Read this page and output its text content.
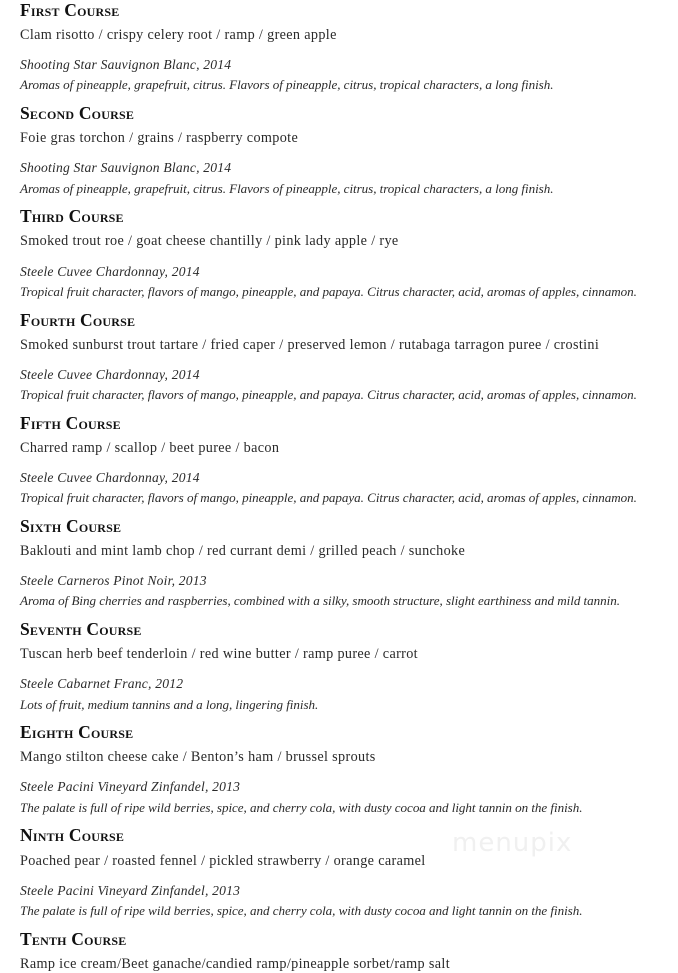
First Course
Clam risotto / crispy celery root / ramp / green apple
Shooting Star Sauvignon Blanc, 2014
Aromas of pineapple, grapefruit, citrus. Flavors of pineapple, citrus, tropical characters, a long finish.
Second Course
Foie gras torchon / grains / raspberry compote
Shooting Star Sauvignon Blanc, 2014
Aromas of pineapple, grapefruit, citrus. Flavors of pineapple, citrus, tropical characters, a long finish.
Third Course
Smoked trout roe / goat cheese chantilly / pink lady apple / rye
Steele Cuvee Chardonnay, 2014
Tropical fruit character, flavors of mango, pineapple, and papaya. Citrus character, acid, aromas of apples, cinnamon.
Fourth Course
Smoked sunburst trout tartare / fried caper / preserved lemon / rutabaga tarragon puree / crostini
Steele Cuvee Chardonnay, 2014
Tropical fruit character, flavors of mango, pineapple, and papaya. Citrus character, acid, aromas of apples, cinnamon.
Fifth Course
Charred ramp / scallop / beet puree / bacon
Steele Cuvee Chardonnay, 2014
Tropical fruit character, flavors of mango, pineapple, and papaya. Citrus character, acid, aromas of apples, cinnamon.
Sixth Course
Baklouti and mint lamb chop / red currant demi / grilled peach / sunchoke
Steele Carneros Pinot Noir, 2013
Aroma of Bing cherries and raspberries, combined with a silky, smooth structure, slight earthiness and mild tannin.
Seventh Course
Tuscan herb beef tenderloin / red wine butter / ramp puree / carrot
Steele Cabarnet Franc, 2012
Lots of fruit, medium tannins and a long, lingering finish.
Eighth Course
Mango stilton cheese cake / Benton’s ham / brussel sprouts
Steele Pacini Vineyard Zinfandel, 2013
The palate is full of ripe wild berries, spice, and cherry cola, with dusty cocoa and light tannin on the finish.
Ninth Course
Poached pear / roasted fennel / pickled strawberry / orange caramel
Steele Pacini Vineyard Zinfandel, 2013
The palate is full of ripe wild berries, spice, and cherry cola, with dusty cocoa and light tannin on the finish.
Tenth Course
Ramp ice cream/Beet ganache/candied ramp/pineapple sorbet/ramp salt
menupix
